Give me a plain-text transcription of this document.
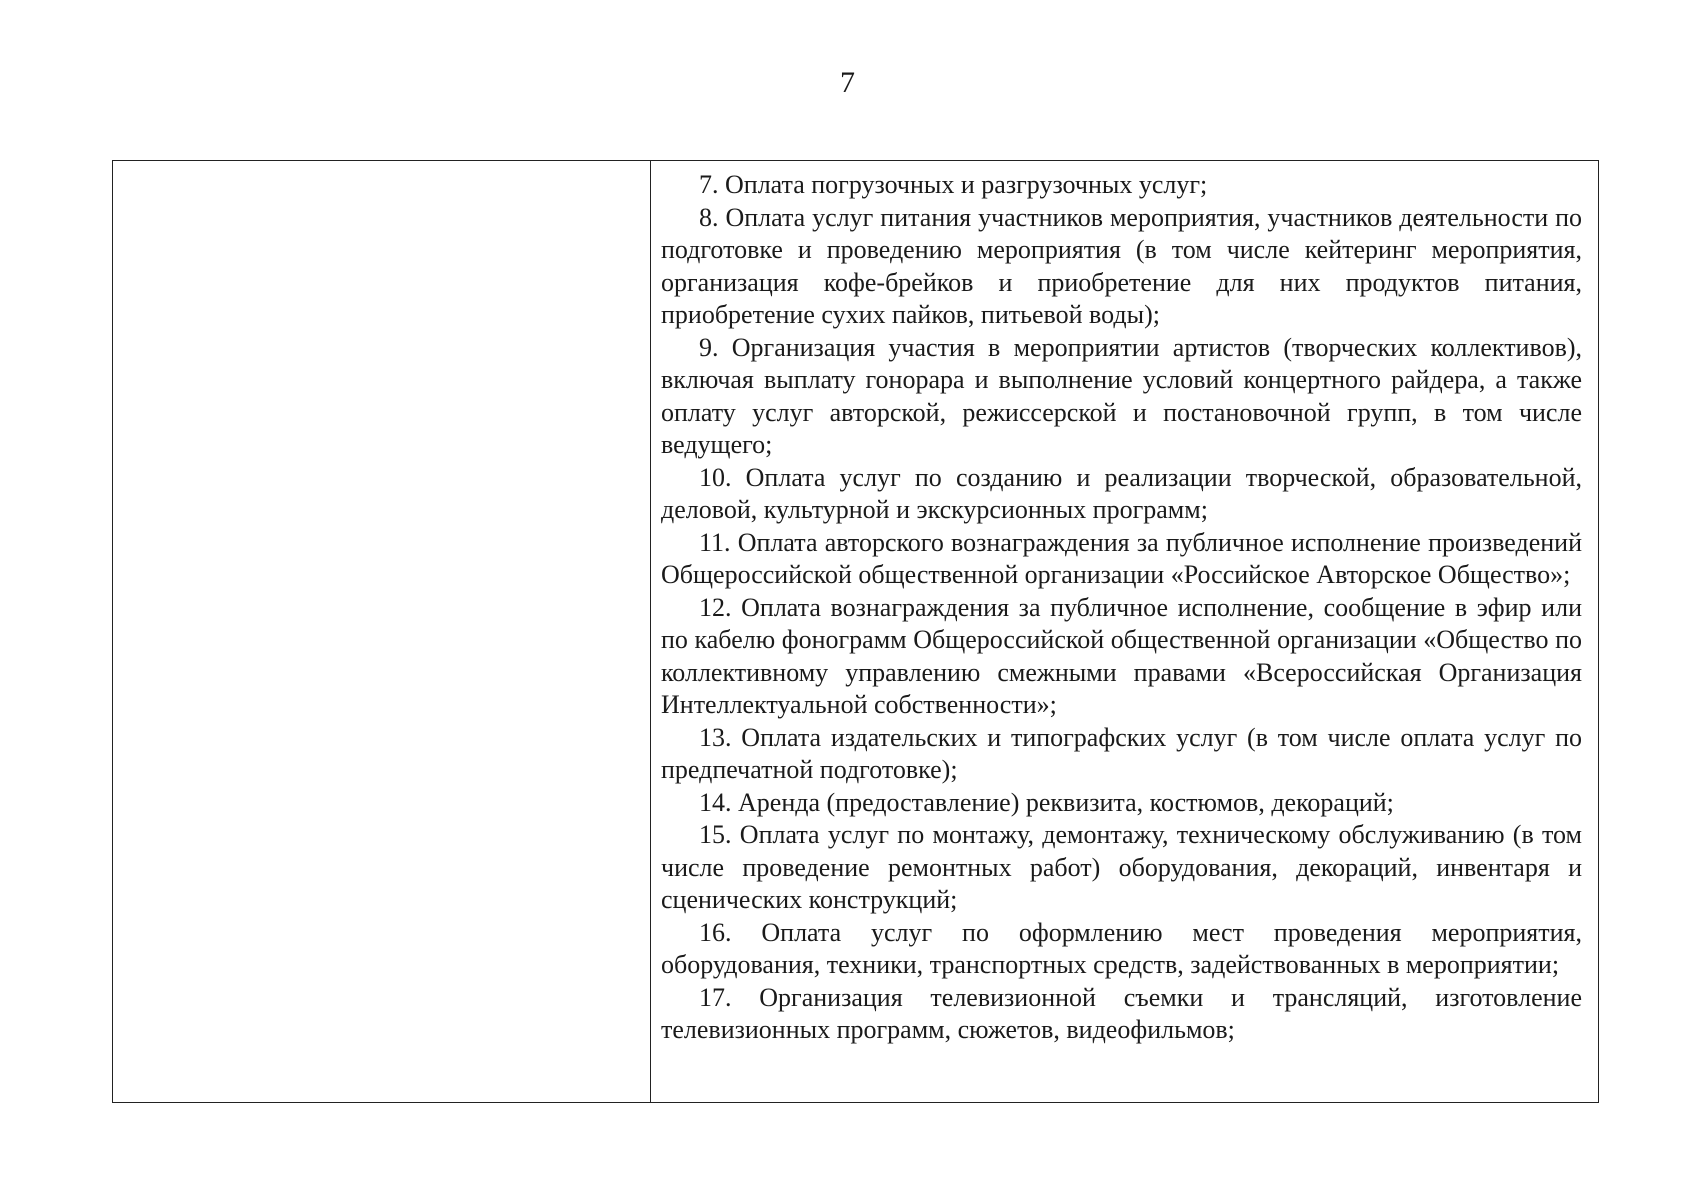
7

7. Оплата погрузочных и разгрузочных услуг;

8. Оплата услуг питания участников мероприятия, участников деятельности по подготовке и проведению мероприятия (в том числе кейтеринг мероприятия, организация кофе-брейков и приобретение для них продуктов питания, приобретение сухих пайков, питьевой воды);

9. Организация участия в мероприятии артистов (творческих коллективов), включая выплату гонорара и выполнение условий концертного райдера, а также оплату услуг авторской, режиссерской и постановочной групп, в том числе ведущего;

10. Оплата услуг по созданию и реализации творческой, образовательной, деловой, культурной и экскурсионных программ;

11. Оплата авторского вознаграждения за публичное исполнение произведений Общероссийской общественной организации «Российское Авторское Общество»;

12. Оплата вознаграждения за публичное исполнение, сообщение в эфир или по кабелю фонограмм Общероссийской общественной организации «Общество по коллективному управлению смежными правами «Всероссийская Организация Интеллектуальной собственности»;

13. Оплата издательских и типографских услуг (в том числе оплата услуг по предпечатной подготовке);

14. Аренда (предоставление) реквизита, костюмов, декораций;

15. Оплата услуг по монтажу, демонтажу, техническому обслуживанию (в том числе проведение ремонтных работ) оборудования, декораций, инвентаря и сценических конструкций;

16. Оплата услуг по оформлению мест проведения мероприятия, оборудования, техники, транспортных средств, задействованных в мероприятии;

17. Организация телевизионной съемки и трансляций, изготовление телевизионных программ, сюжетов, видеофильмов;
